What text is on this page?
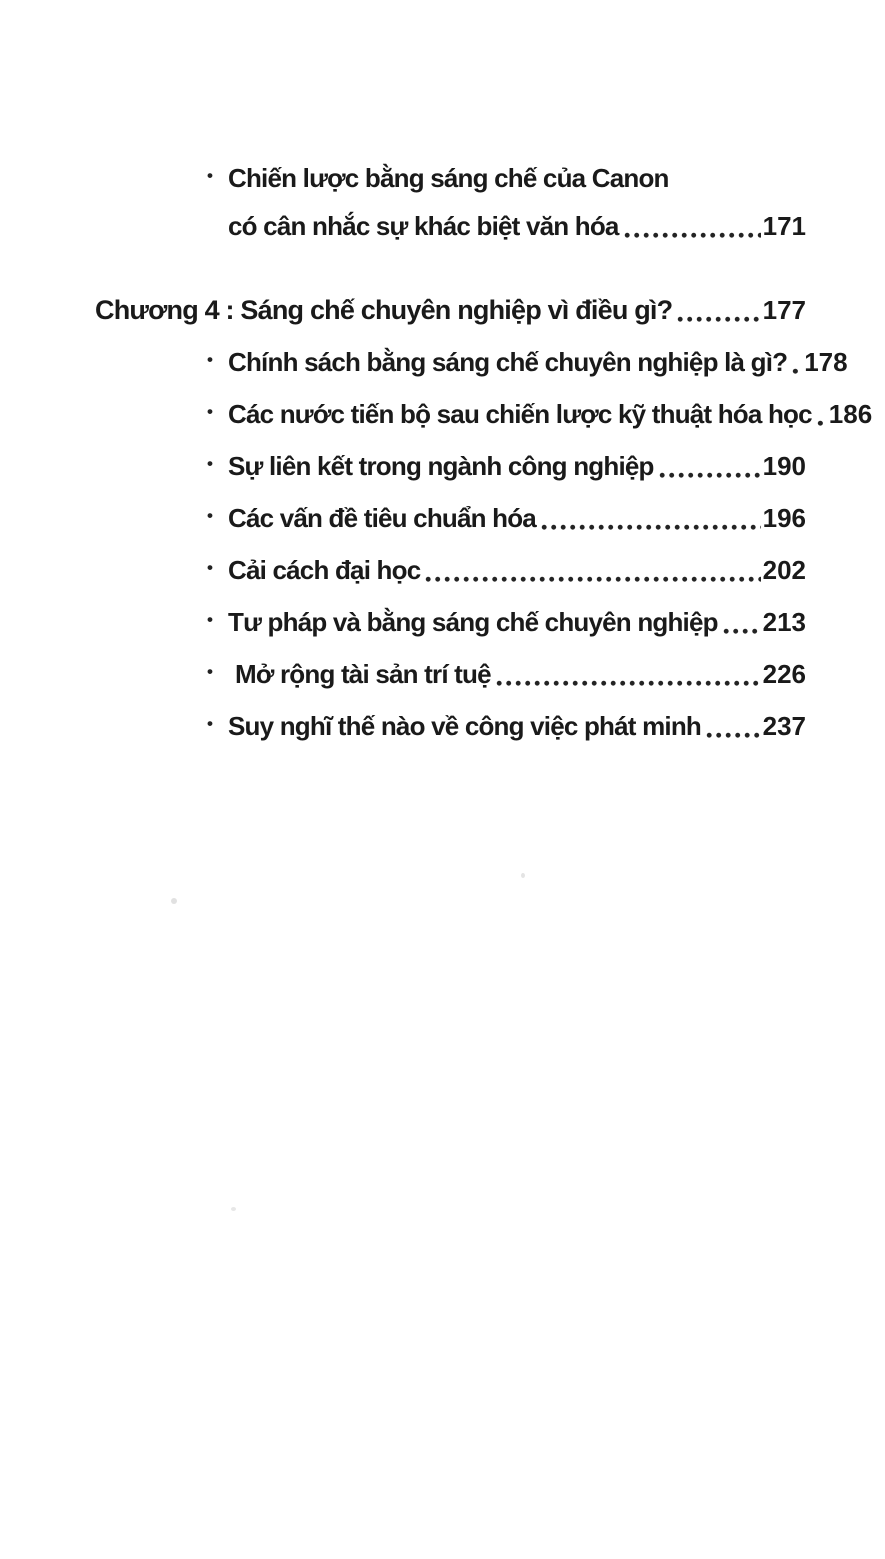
• Chiến lược bằng sáng chế của Canon
có cân nhắc sự khác biệt văn hóa	171
Chương 4 : Sáng chế chuyên nghiệp vì điều gì?	177
• Chính sách bằng sáng chế chuyên nghiệp là gì? 178
• Các nước tiến bộ sau chiến lược kỹ thuật hóa học 186
• Sự liên kết trong ngành công nghiệp	190
• Các vấn đề tiêu chuẩn hóa	196
• Cải cách đại học	202
• Tư pháp và bằng sáng chế chuyên nghiệp 213
• Mở rộng tài sản trí tuệ	226
• Suy nghĩ thế nào về công việc phát minh 237
